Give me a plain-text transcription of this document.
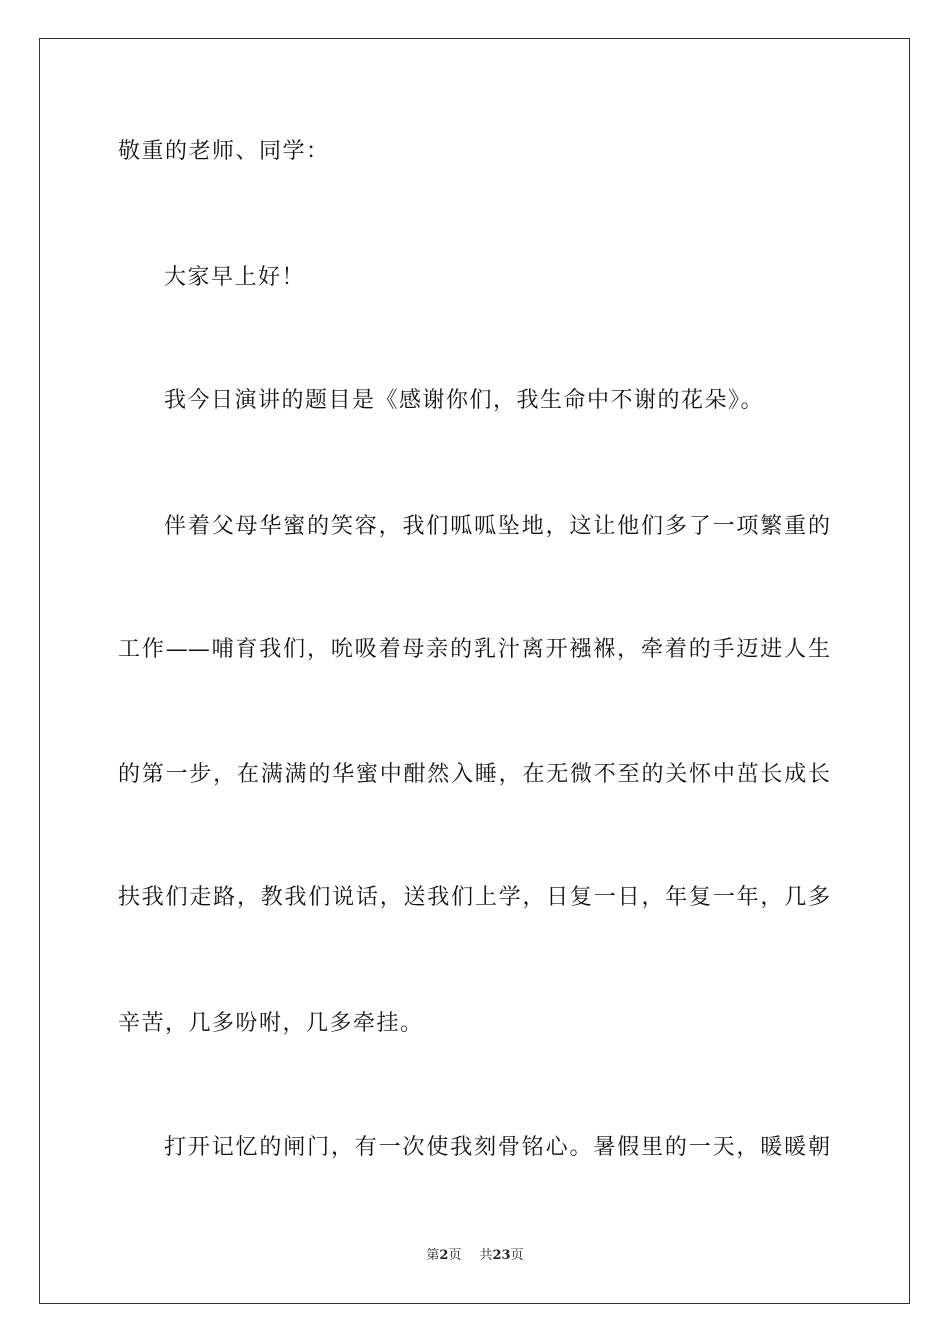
敬重的老师、同学：
大家早上好！
我今日演讲的题目是《感谢你们，我生命中不谢的花朵》。
伴着父母华蜜的笑容，我们呱呱坠地，这让他们多了一项繁重的
工作——哺育我们，吮吸着母亲的乳汁离开襁褓，牵着的手迈进人生
的第一步，在满满的华蜜中酣然入睡，在无微不至的关怀中茁长成长
扶我们走路，教我们说话，送我们上学，日复一日，年复一年，几多
辛苦，几多吩咐，几多牵挂。
打开记忆的闸门，有一次使我刻骨铭心。暑假里的一天，暖暖朝
第2页 共23页
